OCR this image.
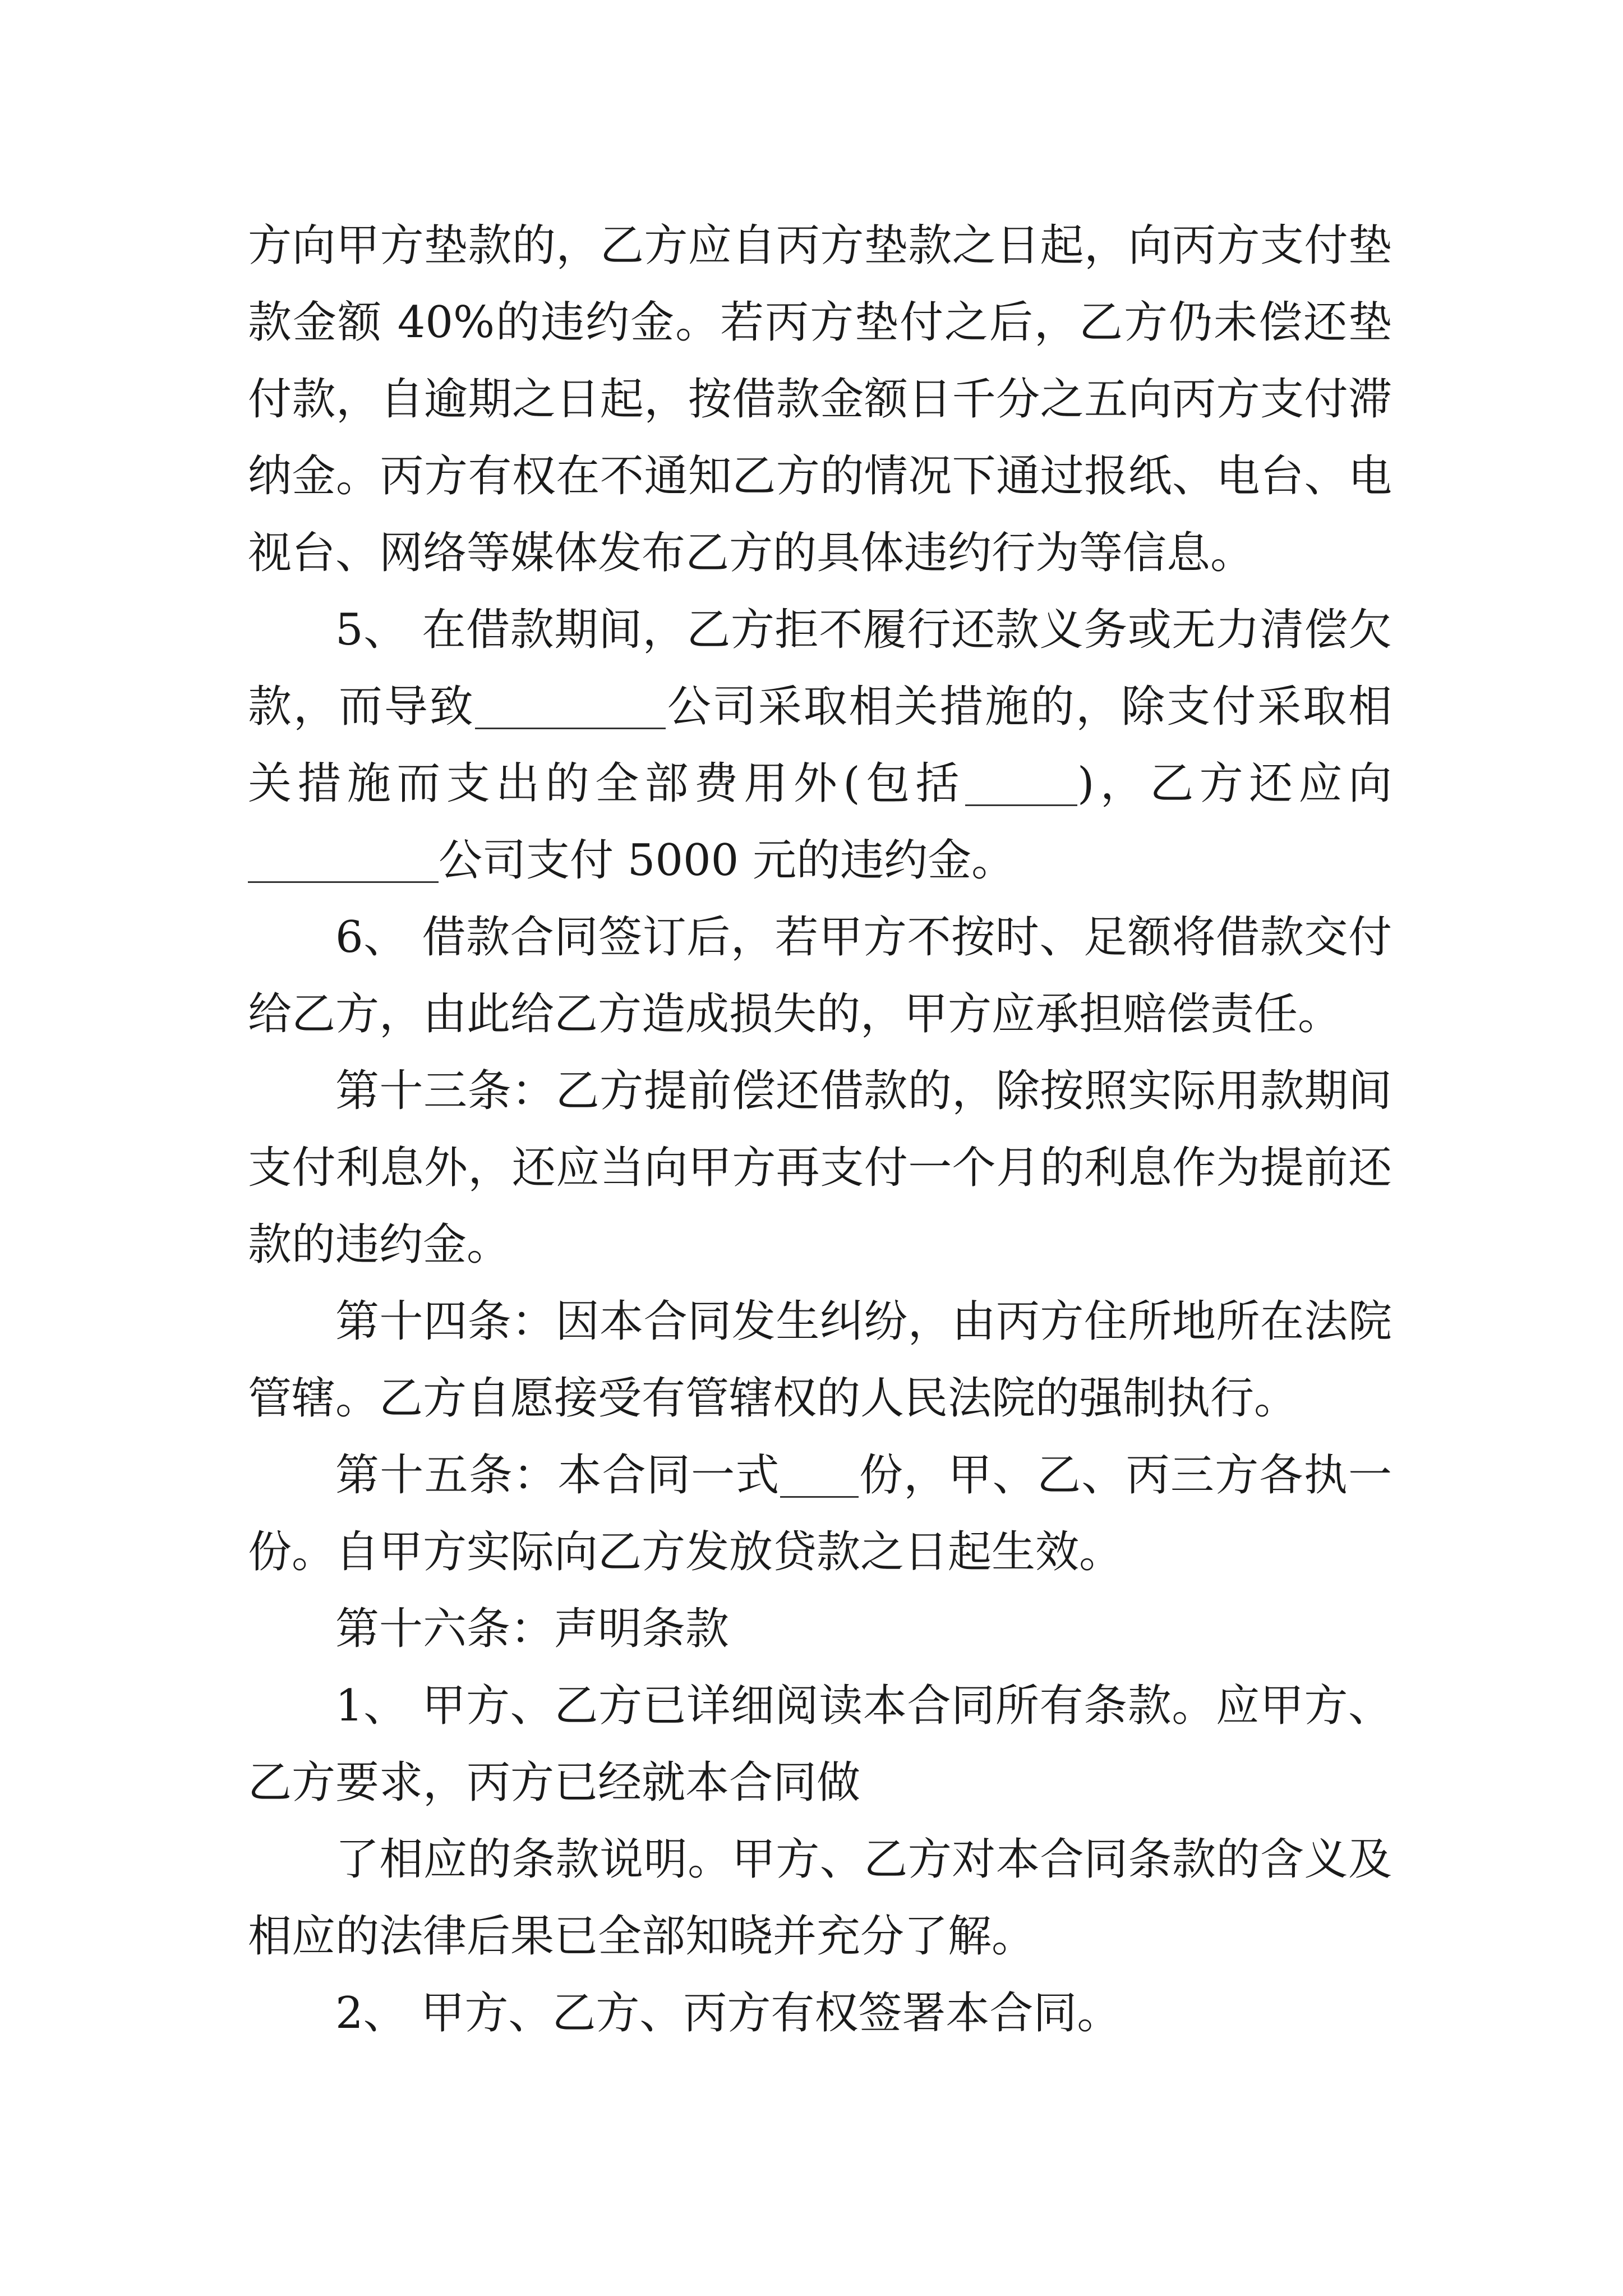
方向甲方垫款的，乙方应自丙方垫款之日起，向丙方支付垫款金额 40%的违约金。若丙方垫付之后，乙方仍未偿还垫付款，自逾期之日起，按借款金额日千分之五向丙方支付滞纳金。丙方有权在不通知乙方的情况下通过报纸、电台、电视台、网络等媒体发布乙方的具体违约行为等信息。

5、 在借款期间，乙方拒不履行还款义务或无力清偿欠款，而导致	公司采取相关措施的，除支付采取相关措施而支出的全部费用外(包括	)，乙方还应向公司支付 5000 元的违约金。

6、 借款合同签订后，若甲方不按时、足额将借款交付给乙方，由此给乙方造成损失的，甲方应承担赔偿责任。

第十三条：乙方提前偿还借款的，除按照实际用款期间支付利息外，还应当向甲方再支付一个月的利息作为提前还款的违约金。

第十四条：因本合同发生纠纷，由丙方住所地所在法院管辖。乙方自愿接受有管辖权的人民法院的强制执行。

第十五条：本合同一式 份，甲、乙、丙三方各执一份。自甲方实际向乙方发放贷款之日起生效。

第十六条：声明条款

1、 甲方、乙方已详细阅读本合同所有条款。应甲方、乙方要求，丙方已经就本合同做

了相应的条款说明。甲方、乙方对本合同条款的含义及相应的法律后果已全部知晓并充分了解。

2、 甲方、乙方、丙方有权签署本合同。
